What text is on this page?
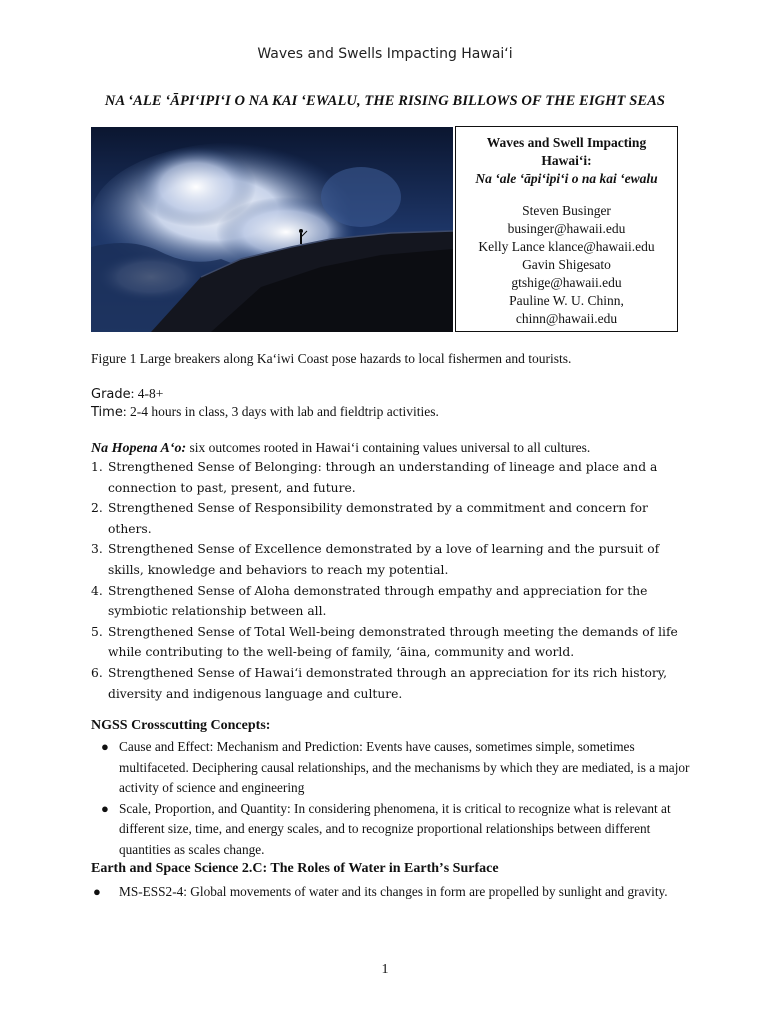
Waves and Swells Impacting Hawaiʻi
NA ʻALE ʻĀPIʻIPIʻI O NA KAI ʻEWALU, THE RISING BILLOWS OF THE EIGHT SEAS
Waves and Swell Impacting
Hawaiʻi:
Na ʻale ʻāpiʻipiʻi o na kai ʻewalu
Steven Businger
businger@hawaii.edu
Kelly Lance klance@hawaii.edu
Gavin Shigesato
gtshige@hawaii.edu
Pauline W. U. Chinn,
chinn@hawaii.edu
Figure 1 Large breakers along Kaʻiwi Coast pose hazards to local fishermen and tourists.
Grade: 4-8+
Time: 2-4 hours in class, 3 days with lab and fieldtrip activities.
Na Hopena Aʻo: six outcomes rooted in Hawaiʻi containing values universal to all cultures.
1. Strengthened Sense of Belonging: through an understanding of lineage and place and a connection to past, present, and future.
2. Strengthened Sense of Responsibility demonstrated by a commitment and concern for others.
3. Strengthened Sense of Excellence demonstrated by a love of learning and the pursuit of skills, knowledge and behaviors to reach my potential.
4. Strengthened Sense of Aloha demonstrated through empathy and appreciation for the symbiotic relationship between all.
5. Strengthened Sense of Total Well-being demonstrated through meeting the demands of life while contributing to the well-being of family, ʻāina, community and world.
6. Strengthened Sense of Hawaiʻi demonstrated through an appreciation for its rich history, diversity and indigenous language and culture.
NGSS Crosscutting Concepts:
● Cause and Effect: Mechanism and Prediction: Events have causes, sometimes simple, sometimes multifaceted. Deciphering causal relationships, and the mechanisms by which they are mediated, is a major activity of science and engineering
● Scale, Proportion, and Quantity: In considering phenomena, it is critical to recognize what is relevant at different size, time, and energy scales, and to recognize proportional relationships between different quantities as scales change.
Earth and Space Science 2.C: The Roles of Water in Earthʼs Surface
● MS-ESS2-4: Global movements of water and its changes in form are propelled by sunlight and gravity.
1
